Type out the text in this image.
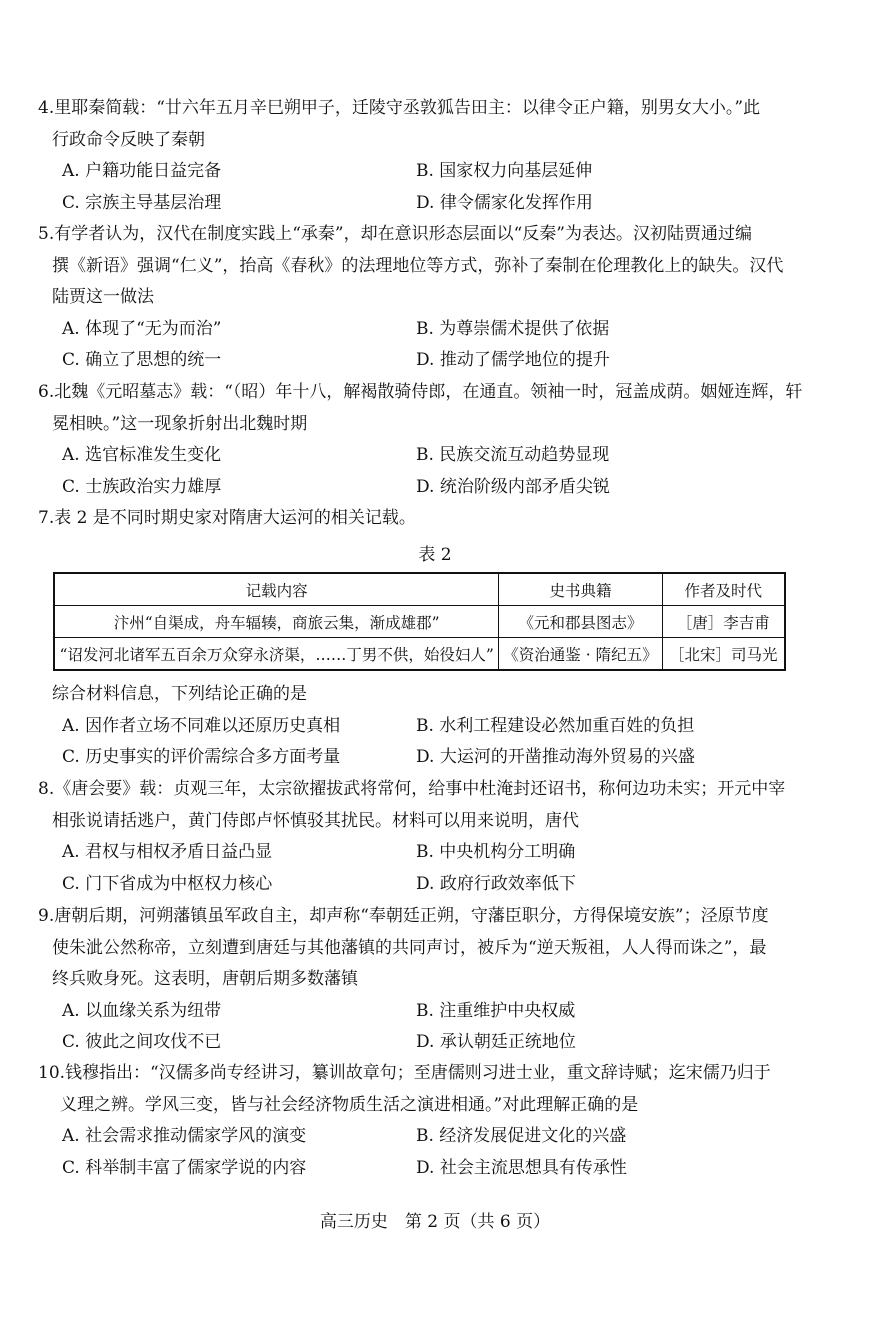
4.里耶秦简载：“廿六年五月辛巳朔甲子，迁陵守丞敦狐告田主：以律令正户籍，别男女大小。”此
行政命令反映了秦朝

A. 户籍功能日益完备	B. 国家权力向基层延伸
C. 宗族主导基层治理	D. 律令儒家化发挥作用

5.有学者认为，汉代在制度实践上“承秦”，却在意识形态层面以“反秦”为表达。汉初陆贾通过编
撰《新语》强调“仁义”，抬高《春秋》的法理地位等方式，弥补了秦制在伦理教化上的缺失。汉代
陆贾这一做法

A. 体现了“无为而治”	B. 为尊崇儒术提供了依据
C. 确立了思想的统一	D. 推动了儒学地位的提升

6.北魏《元昭墓志》载：“（昭）年十八，解褐散骑侍郎，在通直。领袖一时，冠盖成荫。姻娅连辉，轩
冕相映。”这一现象折射出北魏时期

A. 选官标准发生变化	B. 民族交流互动趋势显现
C. 士族政治实力雄厚	D. 统治阶级内部矛盾尖锐

7.表 2 是不同时期史家对隋唐大运河的相关记载。

表 2
记载内容	史书典籍	作者及时代
汴州“自渠成，舟车辐辏，商旅云集，渐成雄郡”	《元和郡县图志》	［唐］李吉甫
“诏发河北诸军五百余万众穿永济渠，……丁男不供，始役妇人”	《资治通鉴 · 隋纪五》	［北宋］司马光

综合材料信息，下列结论正确的是

A. 因作者立场不同难以还原历史真相	B. 水利工程建设必然加重百姓的负担
C. 历史事实的评价需综合多方面考量	D. 大运河的开凿推动海外贸易的兴盛

8.《唐会要》载：贞观三年，太宗欲擢拔武将常何，给事中杜淹封还诏书，称何边功未实；开元中宰
相张说请括逃户，黄门侍郎卢怀慎驳其扰民。材料可以用来说明，唐代

A. 君权与相权矛盾日益凸显	B. 中央机构分工明确
C. 门下省成为中枢权力核心	D. 政府行政效率低下

9.唐朝后期，河朔藩镇虽军政自主，却声称“奉朝廷正朔，守藩臣职分，方得保境安族”；泾原节度
使朱泚公然称帝，立刻遭到唐廷与其他藩镇的共同声讨，被斥为“逆天叛祖，人人得而诛之”，最
终兵败身死。这表明，唐朝后期多数藩镇

A. 以血缘关系为纽带	B. 注重维护中央权威
C. 彼此之间攻伐不已	D. 承认朝廷正统地位

10.钱穆指出：“汉儒多尚专经讲习，纂训故章句；至唐儒则习进士业，重文辞诗赋；迄宋儒乃归于
义理之辨。学风三变，皆与社会经济物质生活之演进相通。”对此理解正确的是

A. 社会需求推动儒家学风的演变	B. 经济发展促进文化的兴盛
C. 科举制丰富了儒家学说的内容	D. 社会主流思想具有传承性
高三历史　第 2 页（共 6 页）
